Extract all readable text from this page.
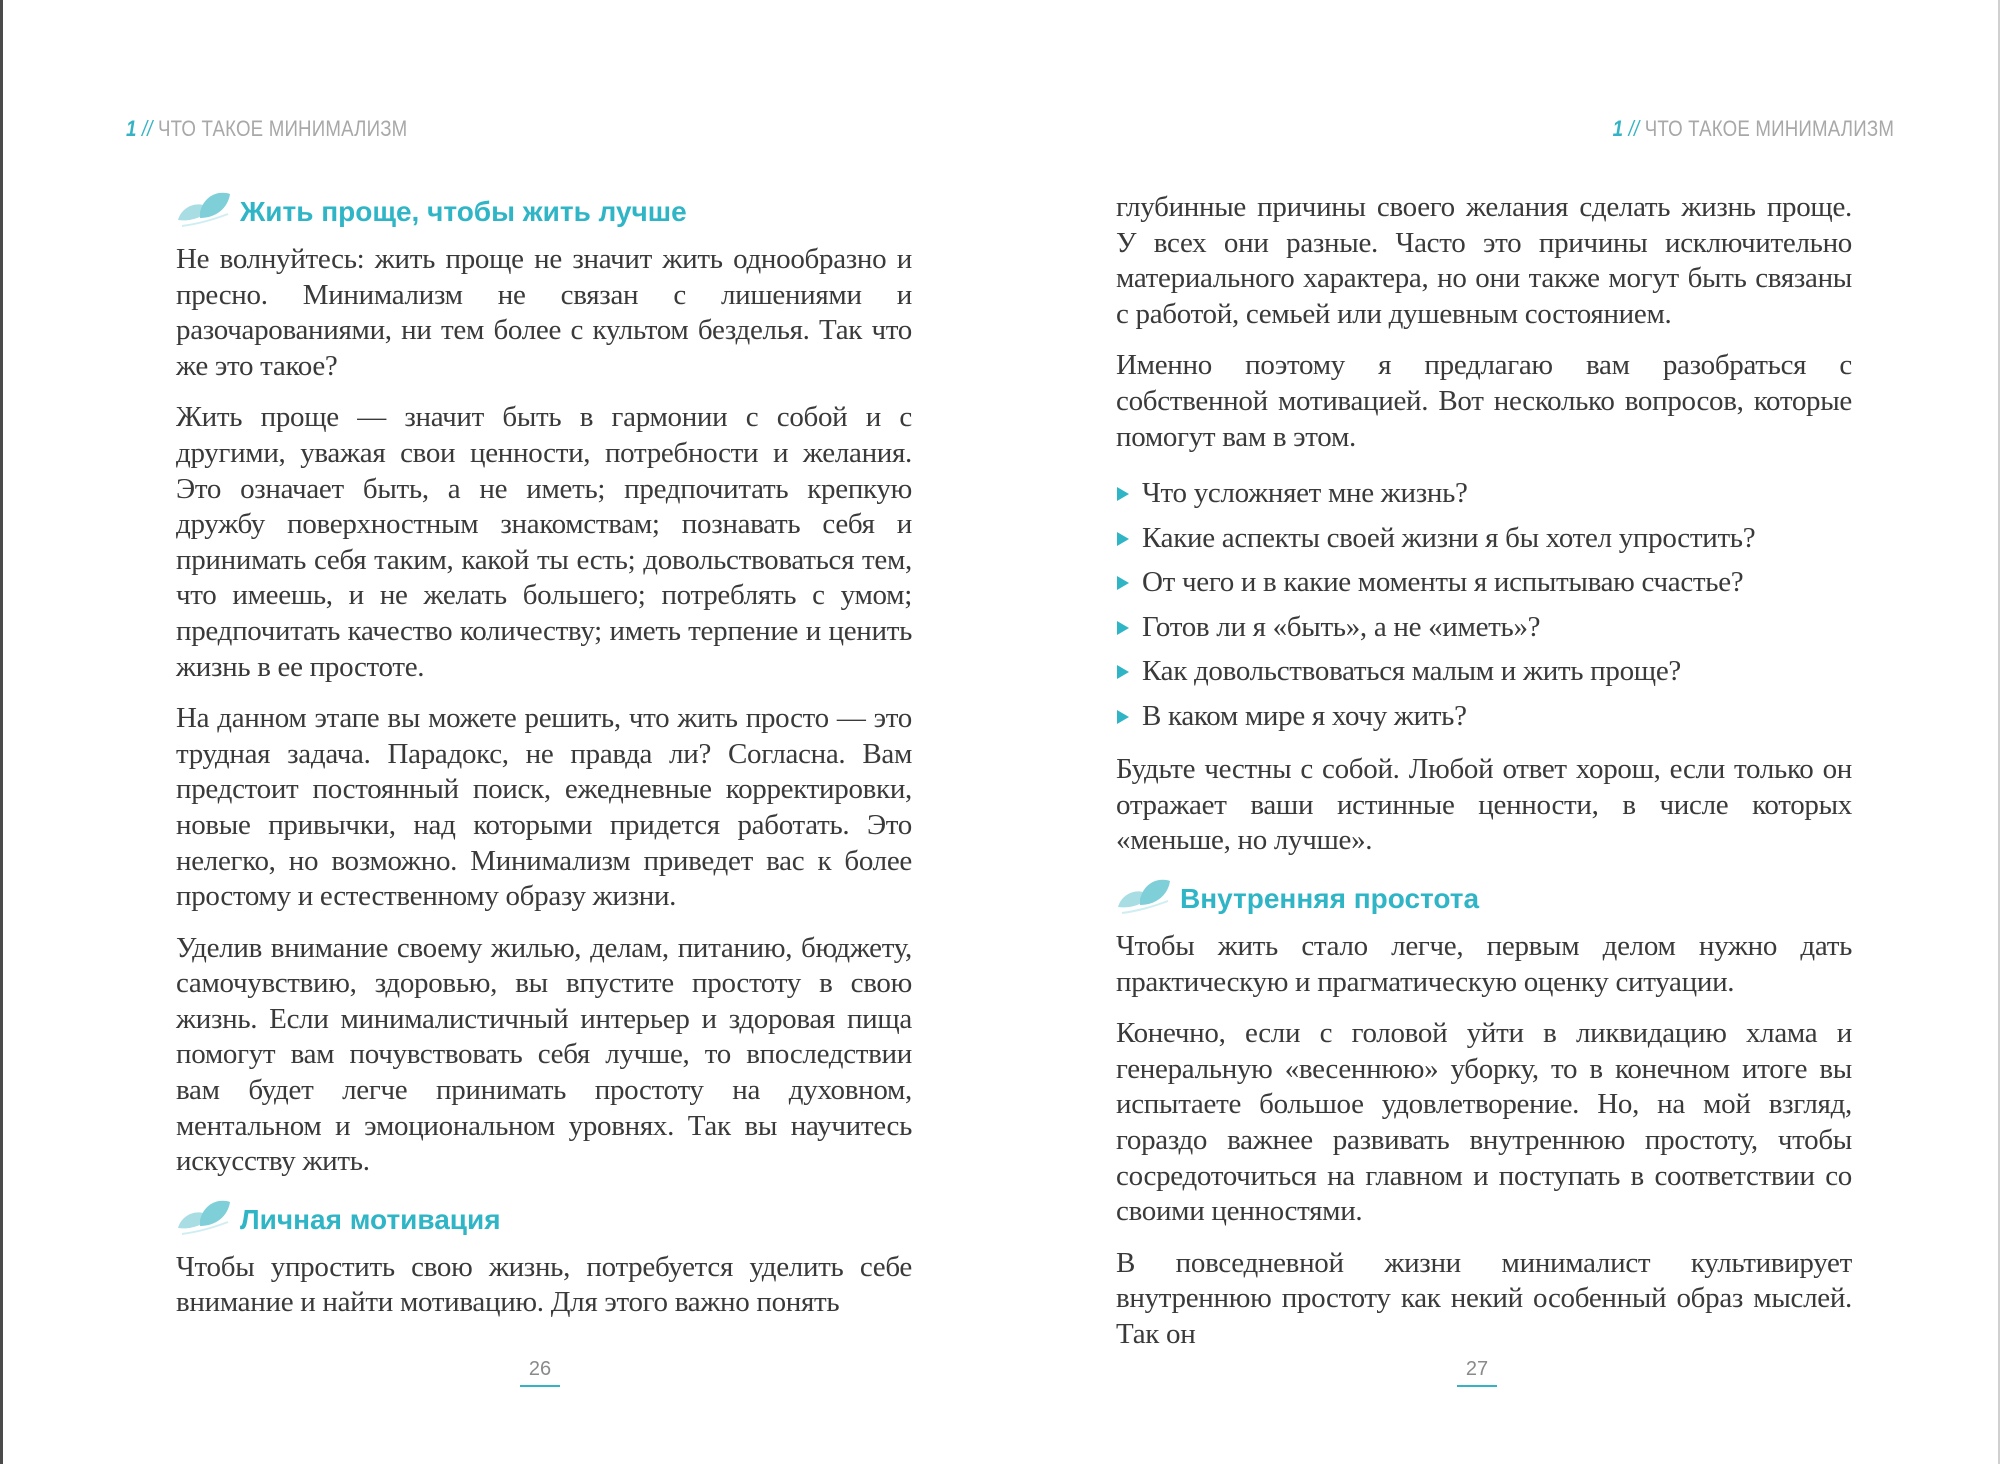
1 // ЧТО ТАКОЕ МИНИМАЛИЗМ
Жить проще, чтобы жить лучше

Не волнуйтесь: жить проще не значит жить однообразно и пресно. Минимализм не связан с лишениями и разочарованиями, ни тем более с культом безделья. Так что же это такое?

Жить проще — значит быть в гармонии с собой и с другими, уважая свои ценности, потребности и желания. Это означает быть, а не иметь; предпочитать крепкую дружбу поверхностным знакомствам; познавать себя и принимать себя таким, какой ты есть; довольствоваться тем, что имеешь, и не желать большего; потреблять с умом; предпочитать качество количеству; иметь терпение и ценить жизнь в ее простоте.

На данном этапе вы можете решить, что жить просто — это трудная задача. Парадокс, не правда ли? Согласна. Вам предстоит постоянный поиск, ежедневные корректировки, новые привычки, над которыми придется работать. Это нелегко, но возможно. Минимализм приведет вас к более простому и естественному образу жизни.

Уделив внимание своему жилью, делам, питанию, бюджету, самочувствию, здоровью, вы впустите простоту в свою жизнь. Если минималистичный интерьер и здоровая пища помогут вам почувствовать себя лучше, то впоследствии вам будет легче принимать простоту на духовном, ментальном и эмоциональном уровнях. Так вы научитесь искусству жить.

Личная мотивация

Чтобы упростить свою жизнь, потребуется уделить себе внимание и найти мотивацию. Для этого важно понять

26
1 // ЧТО ТАКОЕ МИНИМАЛИЗМ

глубинные причины своего желания сделать жизнь проще. У всех они разные. Часто это причины исключительно материального характера, но они также могут быть связаны с работой, семьей или душевным состоянием.

Именно поэтому я предлагаю вам разобраться с собственной мотивацией. Вот несколько вопросов, которые помогут вам в этом.

Что усложняет мне жизнь?
Какие аспекты своей жизни я бы хотел упростить?
От чего и в какие моменты я испытываю счастье?
Готов ли я «быть», а не «иметь»?
Как довольствоваться малым и жить проще?
В каком мире я хочу жить?

Будьте честны с собой. Любой ответ хорош, если только он отражает ваши истинные ценности, в числе которых «меньше, но лучше».

Внутренняя простота

Чтобы жить стало легче, первым делом нужно дать практическую и прагматическую оценку ситуации.

Конечно, если с головой уйти в ликвидацию хлама и генеральную «весеннюю» уборку, то в конечном итоге вы испытаете большое удовлетворение. Но, на мой взгляд, гораздо важнее развивать внутреннюю простоту, чтобы сосредоточиться на главном и поступать в соответствии со своими ценностями.

В повседневной жизни минималист культивирует внутреннюю простоту как некий особенный образ мыслей. Так он

27
